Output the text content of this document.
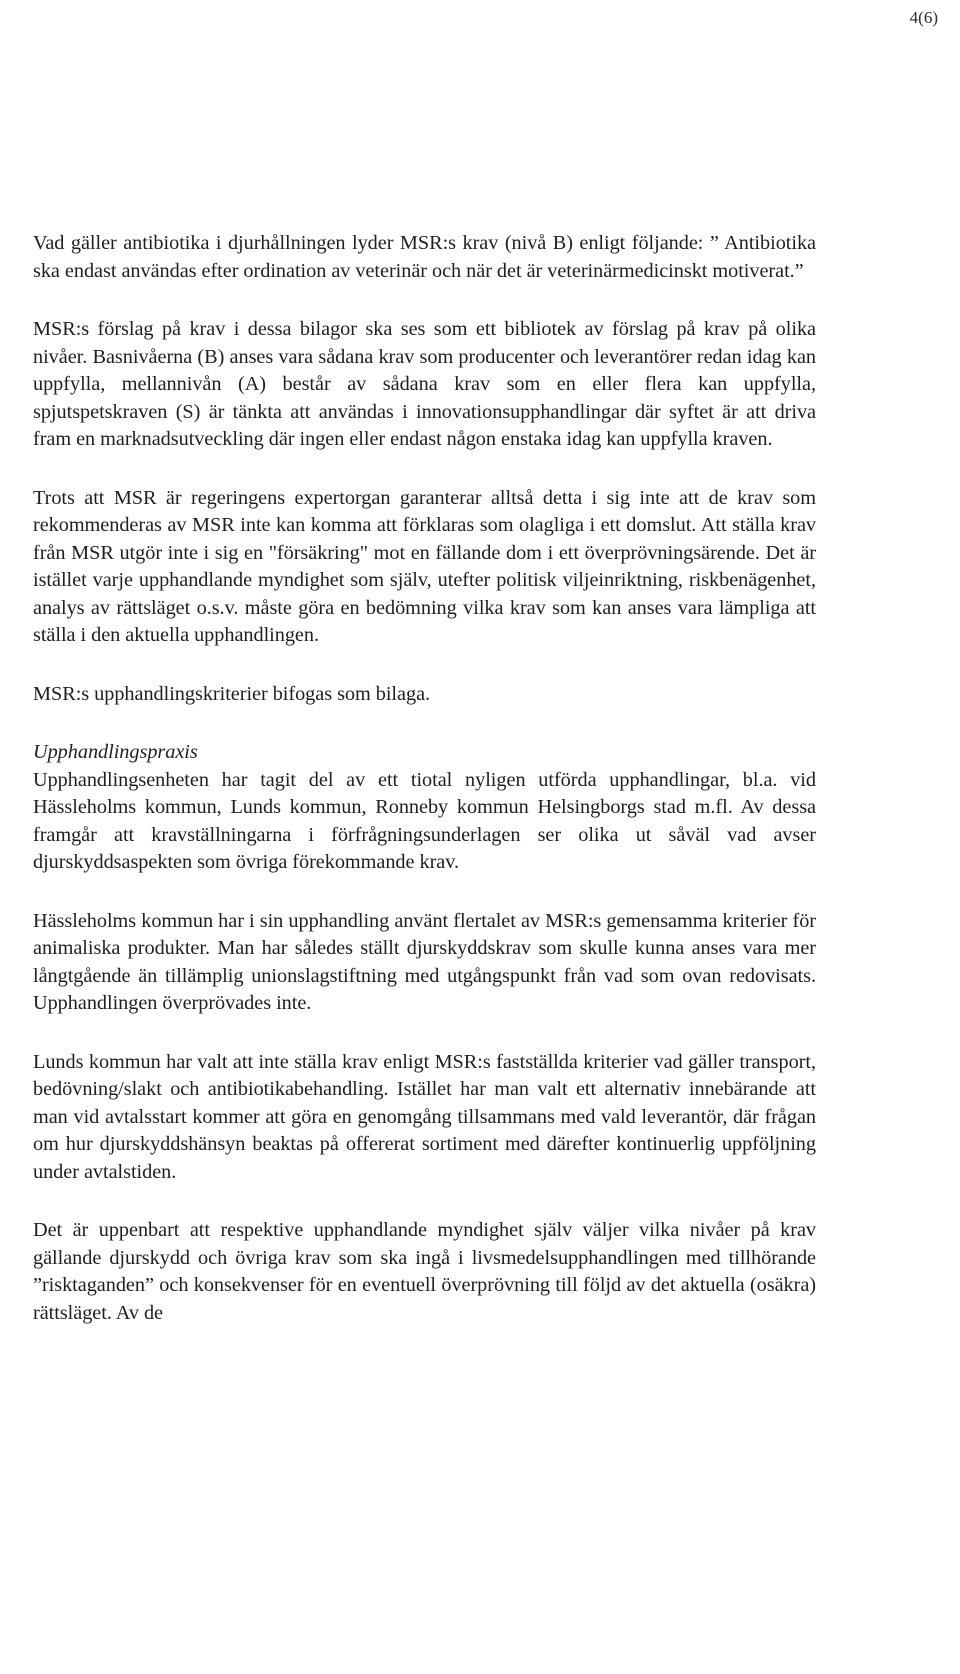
4(6)

Vad gäller antibiotika i djurhållningen lyder MSR:s krav (nivå B) enligt följande: ” Antibiotika ska endast användas efter ordination av veterinär och när det är veterinärmedicinskt motiverat.”

MSR:s förslag på krav i dessa bilagor ska ses som ett bibliotek av förslag på krav på olika nivåer. Basnivåerna (B) anses vara sådana krav som producenter och leverantörer redan idag kan uppfylla, mellannivån (A) består av sådana krav som en eller flera kan uppfylla, spjutspetskraven (S) är tänkta att användas i innovationsupphandlingar där syftet är att driva fram en marknadsutveckling där ingen eller endast någon enstaka idag kan uppfylla kraven.

Trots att MSR är regeringens expertorgan garanterar alltså detta i sig inte att de krav som rekommenderas av MSR inte kan komma att förklaras som olagliga i ett domslut. Att ställa krav från MSR utgör inte i sig en "försäkring" mot en fällande dom i ett överprövningsärende. Det är istället varje upphandlande myndighet som själv, utefter politisk viljeinriktning, riskbenägenhet, analys av rättsläget o.s.v. måste göra en bedömning vilka krav som kan anses vara lämpliga att ställa i den aktuella upphandlingen.

MSR:s upphandlingskriterier bifogas som bilaga.

Upphandlingspraxis

Upphandlingsenheten har tagit del av ett tiotal nyligen utförda upphandlingar, bl.a. vid Hässleholms kommun, Lunds kommun, Ronneby kommun Helsingborgs stad m.fl. Av dessa framgår att kravställningarna i förfrågningsunderlagen ser olika ut såväl vad avser djurskyddsaspekten som övriga förekommande krav.

Hässleholms kommun har i sin upphandling använt flertalet av MSR:s gemensamma kriterier för animaliska produkter. Man har således ställt djurskyddskrav som skulle kunna anses vara mer långtgående än tillämplig unionslagstiftning med utgångspunkt från vad som ovan redovisats. Upphandlingen överprövades inte.

Lunds kommun har valt att inte ställa krav enligt MSR:s fastställda kriterier vad gäller transport, bedövning/slakt och antibiotikabehandling. Istället har man valt ett alternativ innebärande att man vid avtalsstart kommer att göra en genomgång tillsammans med vald leverantör, där frågan om hur djurskyddshänsyn beaktas på offererat sortiment med därefter kontinuerlig uppföljning under avtalstiden.

Det är uppenbart att respektive upphandlande myndighet själv väljer vilka nivåer på krav gällande djurskydd och övriga krav som ska ingå i livsmedelsupphandlingen med tillhörande ”risktaganden” och konsekvenser för en eventuell överprövning till följd av det aktuella (osäkra) rättsläget. Av de
